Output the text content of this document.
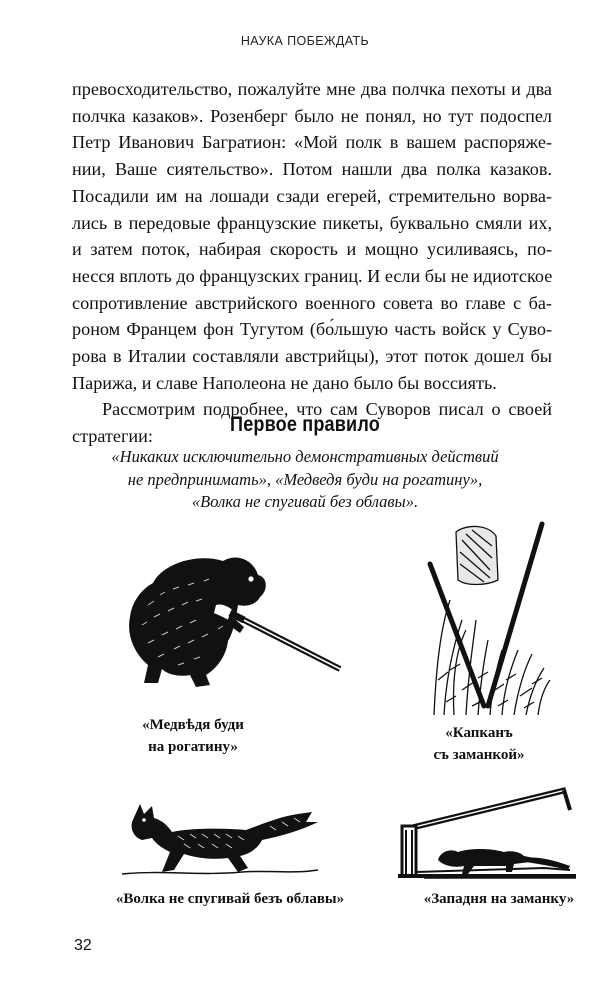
НАУКА ПОБЕЖДАТЬ
превосходительство, пожалуйте мне два полчка пехоты и два
полчка казаков». Розенберг было не понял, но тут подоспел
Петр Иванович Багратион: «Мой полк в вашем распоряже-
нии, Ваше сиятельство». Потом нашли два полка казаков.
Посадили им на лошади сзади егерей, стремительно ворва-
лись в передовые французские пикеты, буквально смяли их,
и затем поток, набирая скорость и мощно усиливаясь, по-
несся вплоть до французских границ. И если бы не идиотское
сопротивление австрийского военного совета во главе с ба-
роном Францем фон Тугутом (бо́льшую часть войск у Суво-
рова в Италии составляли австрийцы), этот поток дошел бы
Парижа, и славе Наполеона не дано было бы воссиять.
Рассмотрим подробнее, что сам Суворов писал о своей
стратегии:
Первое правило
«Никаких исключительно демонстративных действий
не предпринимать», «Медведя буди на рогатину»,
«Волка не спугивай без облавы».
«Медвѣдя буди
на рогатину»
«Капканъ
съ заманкой»
«Волка не спугивай безъ облавы»	«Западня на заманку»
32
